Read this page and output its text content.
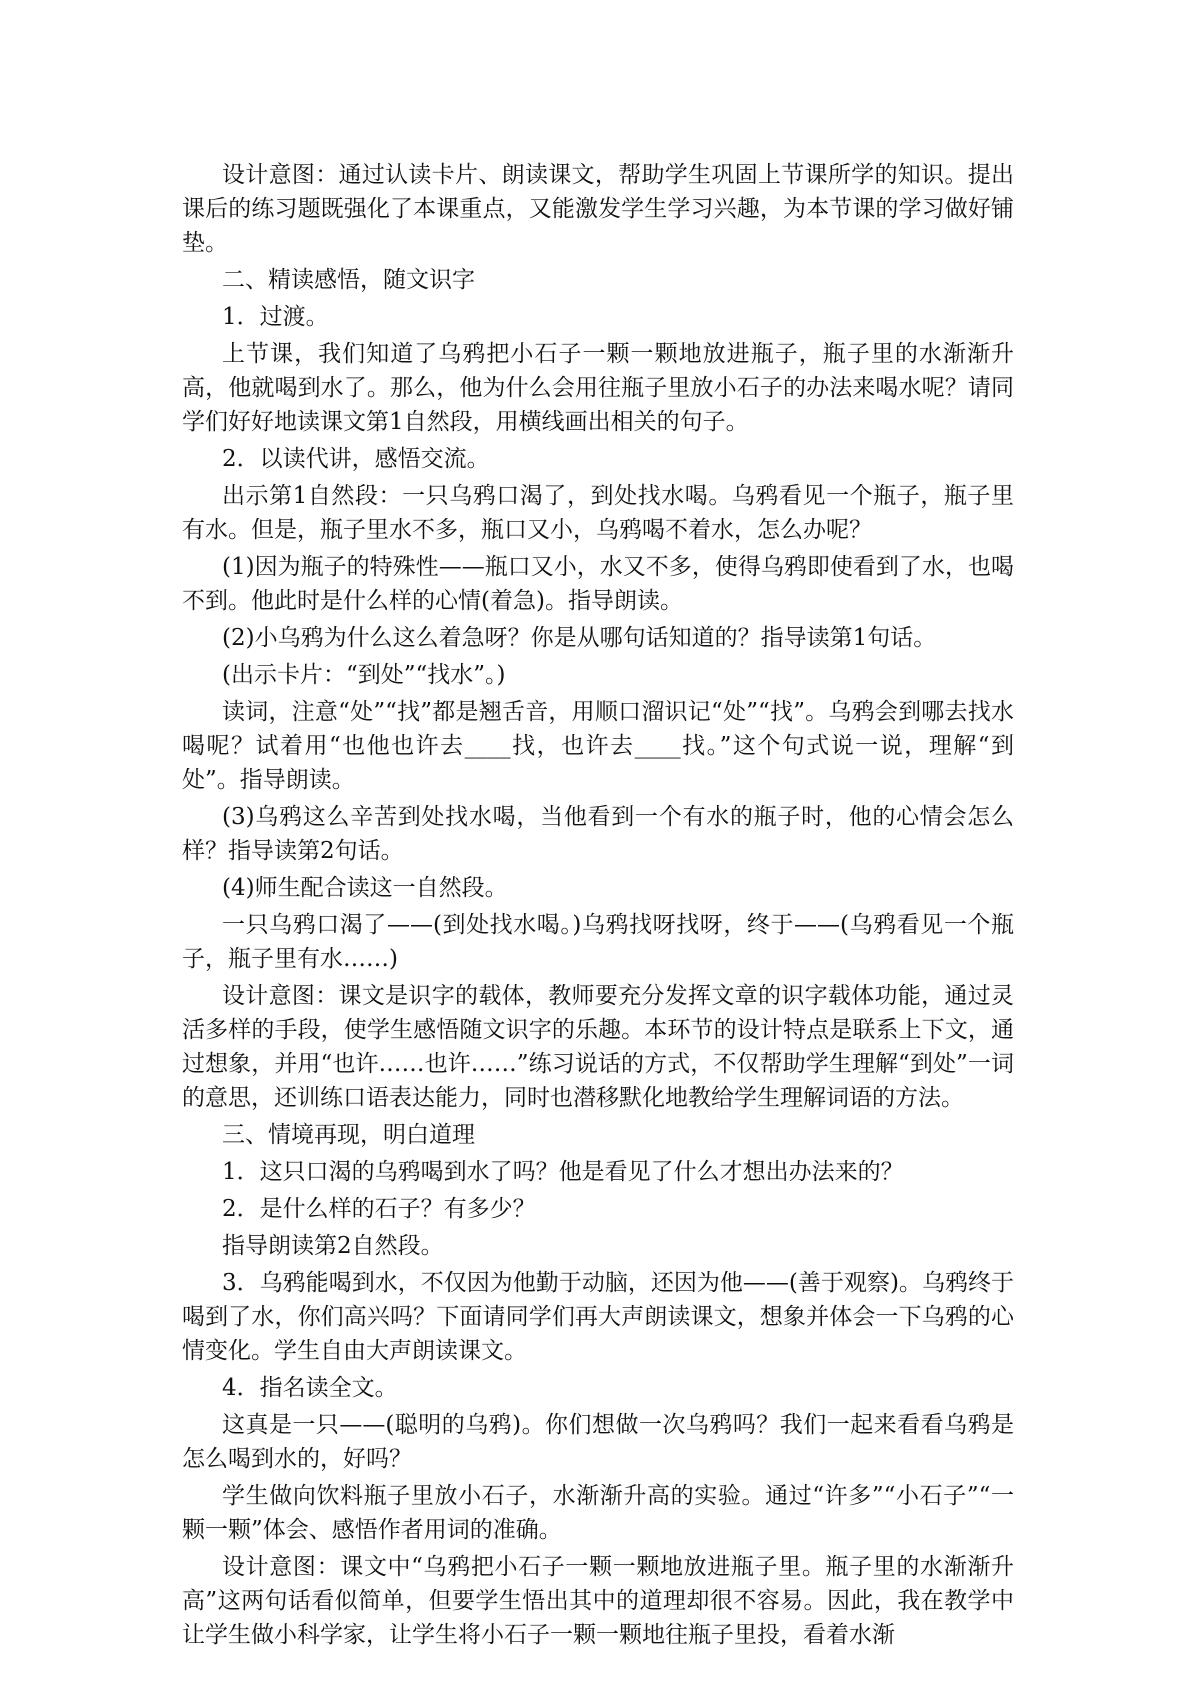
设计意图：通过认读卡片、朗读课文，帮助学生巩固上节课所学的知识。提出课后的练习题既强化了本课重点，又能激发学生学习兴趣，为本节课的学习做好铺垫。

二、精读感悟，随文识字

1．过渡。

上节课，我们知道了乌鸦把小石子一颗一颗地放进瓶子，瓶子里的水渐渐升高，他就喝到水了。那么，他为什么会用往瓶子里放小石子的办法来喝水呢？请同学们好好地读课文第1自然段，用横线画出相关的句子。

2．以读代讲，感悟交流。

出示第1自然段：一只乌鸦口渴了，到处找水喝。乌鸦看见一个瓶子，瓶子里有水。但是，瓶子里水不多，瓶口又小，乌鸦喝不着水，怎么办呢？

(1)因为瓶子的特殊性——瓶口又小，水又不多，使得乌鸦即使看到了水，也喝不到。他此时是什么样的心情(着急)。指导朗读。

(2)小乌鸦为什么这么着急呀？你是从哪句话知道的？指导读第1句话。

(出示卡片：“到处”“找水”。)

读词，注意“处”“找”都是翘舌音，用顺口溜识记“处”“找”。乌鸦会到哪去找水喝呢？试着用“也他也许去____找，也许去____找。”这个句式说一说，理解“到处”。指导朗读。

(3)乌鸦这么辛苦到处找水喝，当他看到一个有水的瓶子时，他的心情会怎么样？指导读第2句话。

(4)师生配合读这一自然段。

一只乌鸦口渴了——(到处找水喝。)乌鸦找呀找呀，终于——(乌鸦看见一个瓶子，瓶子里有水……)

设计意图：课文是识字的载体，教师要充分发挥文章的识字载体功能，通过灵活多样的手段，使学生感悟随文识字的乐趣。本环节的设计特点是联系上下文，通过想象，并用“也许……也许……”练习说话的方式，不仅帮助学生理解“到处”一词的意思，还训练口语表达能力，同时也潜移默化地教给学生理解词语的方法。

三、情境再现，明白道理

1．这只口渴的乌鸦喝到水了吗？他是看见了什么才想出办法来的？

2．是什么样的石子？有多少？

指导朗读第2自然段。

3．乌鸦能喝到水，不仅因为他勤于动脑，还因为他——(善于观察)。乌鸦终于喝到了水，你们高兴吗？下面请同学们再大声朗读课文，想象并体会一下乌鸦的心情变化。学生自由大声朗读课文。

4．指名读全文。

这真是一只——(聪明的乌鸦)。你们想做一次乌鸦吗？我们一起来看看乌鸦是怎么喝到水的，好吗？

学生做向饮料瓶子里放小石子，水渐渐升高的实验。通过“许多”“小石子”“一颗一颗”体会、感悟作者用词的准确。

设计意图：课文中“乌鸦把小石子一颗一颗地放进瓶子里。瓶子里的水渐渐升高”这两句话看似简单，但要学生悟出其中的道理却很不容易。因此，我在教学中让学生做小科学家，让学生将小石子一颗一颗地往瓶子里投，看着水渐
